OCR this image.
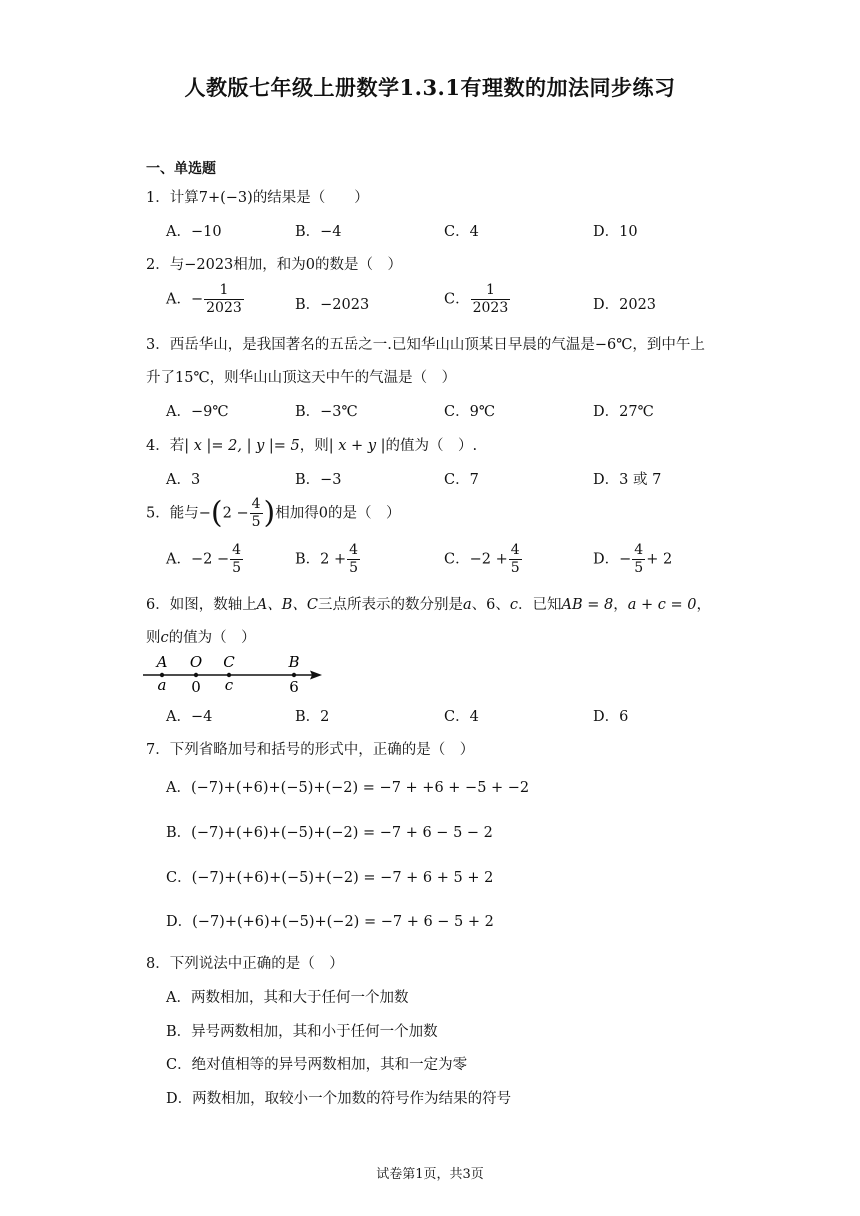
人教版七年级上册数学1.3.1有理数的加法同步练习
一、单选题
1．计算7+(−3)的结果是（　　）
A．−10	B．−4	C．4	D．10
2．与−2023相加，和为0的数是（　）
A．− $\frac{1}{2023}$	B．−2023	C． $\frac{1}{2023}$	D．2023
3．西岳华山，是我国著名的五岳之一.已知华山山顶某日早晨的气温是−6℃，到中午上
升了15℃，则华山山顶这天中午的气温是（　）
A．−9℃	B．−3℃	C．9℃	D．27℃
4．若| x |= 2, | y |= 5，则| x + y |的值为（　）.
A．3	B．−3	C．7	D．3 或 7
5．能与$-(2 - \frac{4}{5}$ )相加得0的是（　）
A．$-2 - \frac{4}{5}$	B．$2 + \frac{4}{5}$	C．$-2 + \frac{4}{5}$	D．− $\frac{4}{5} + 2$
6．如图，数轴上A、B、C三点所表示的数分别是a、6、c．已知AB = 8，a + c = 0，
则c的值为（　）
A O C	B
a 0 c	6
A．−4	B．2	C．4	D．6
7．下列省略加号和括号的形式中，正确的是（　）
A．(−7)+(+6)+(−5)+(−2) = −7 + +6 + −5 + −2
B．(−7)+(+6)+(−5)+(−2) = −7 + 6 − 5 − 2
C．(−7)+(+6)+(−5)+(−2) = −7 + 6 + 5 + 2
D．(−7)+(+6)+(−5)+(−2) = −7 + 6 − 5 + 2
8．下列说法中正确的是（　）
A．两数相加，其和大于任何一个加数
B．异号两数相加，其和小于任何一个加数
C．绝对值相等的异号两数相加，其和一定为零
D．两数相加，取较小一个加数的符号作为结果的符号
试卷第1页，共3页
